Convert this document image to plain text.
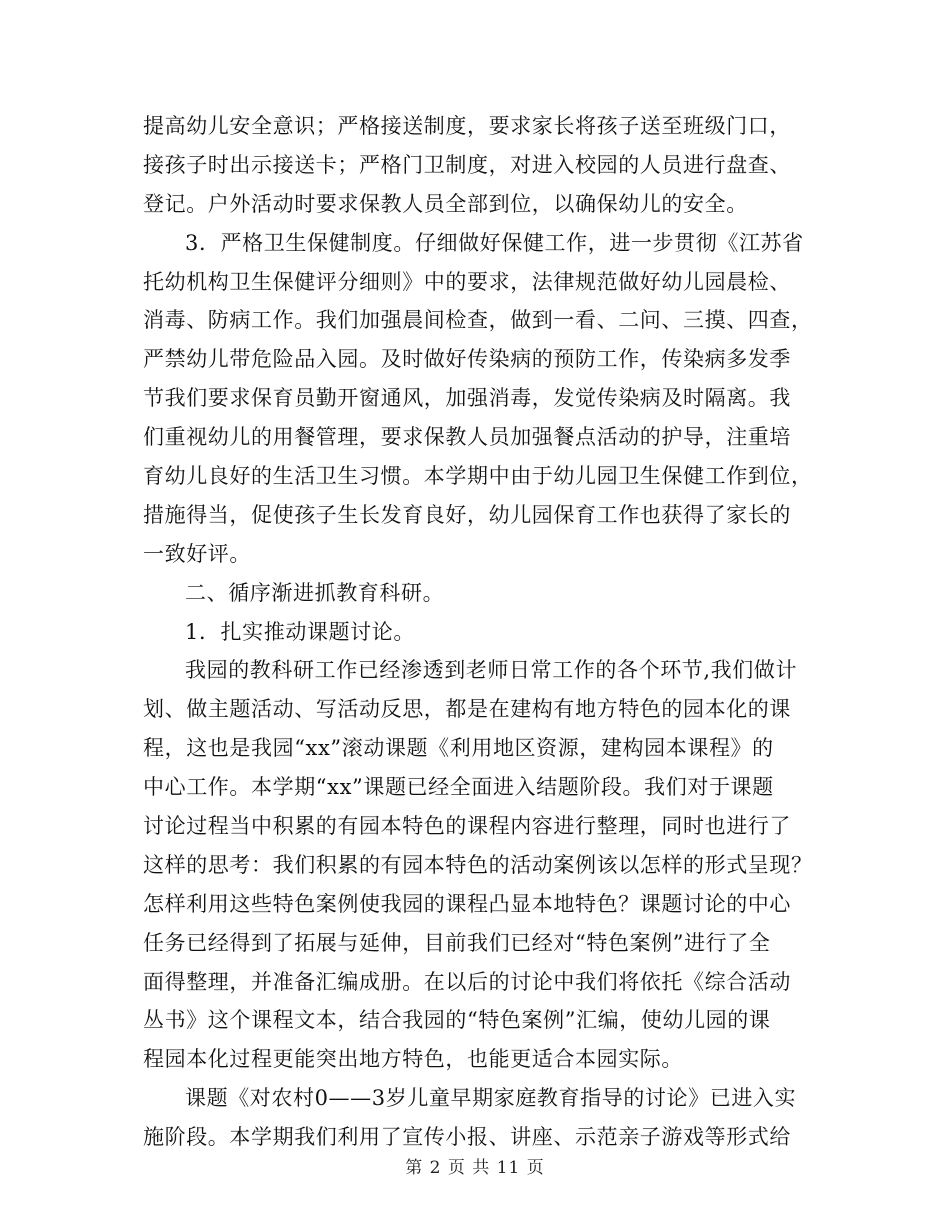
提高幼儿安全意识；严格接送制度，要求家长将孩子送至班级门口，
接孩子时出示接送卡；严格门卫制度，对进入校园的人员进行盘查、
登记。户外活动时要求保教人员全部到位，以确保幼儿的安全。
3．严格卫生保健制度。仔细做好保健工作，进一步贯彻《江苏省
托幼机构卫生保健评分细则》中的要求，法律规范做好幼儿园晨检、
消毒、防病工作。我们加强晨间检查，做到一看、二问、三摸、四查，
严禁幼儿带危险品入园。及时做好传染病的预防工作，传染病多发季
节我们要求保育员勤开窗通风，加强消毒，发觉传染病及时隔离。我
们重视幼儿的用餐管理，要求保教人员加强餐点活动的护导，注重培
育幼儿良好的生活卫生习惯。本学期中由于幼儿园卫生保健工作到位，
措施得当，促使孩子生长发育良好，幼儿园保育工作也获得了家长的
一致好评。
二、循序渐进抓教育科研。
1．扎实推动课题讨论。
我园的教科研工作已经渗透到老师日常工作的各个环节,我们做计
划、做主题活动、写活动反思，都是在建构有地方特色的园本化的课
程，这也是我园“xx”滚动课题《利用地区资源，建构园本课程》的
中心工作。本学期“xx”课题已经全面进入结题阶段。我们对于课题
讨论过程当中积累的有园本特色的课程内容进行整理，同时也进行了
这样的思考：我们积累的有园本特色的活动案例该以怎样的形式呈现？
怎样利用这些特色案例使我园的课程凸显本地特色？课题讨论的中心
任务已经得到了拓展与延伸，目前我们已经对“特色案例”进行了全
面得整理，并准备汇编成册。在以后的讨论中我们将依托《综合活动
丛书》这个课程文本，结合我园的“特色案例”汇编，使幼儿园的课
程园本化过程更能突出地方特色，也能更适合本园实际。
课题《对农村0——3岁儿童早期家庭教育指导的讨论》已进入实
施阶段。本学期我们利用了宣传小报、讲座、示范亲子游戏等形式给
第 2 页 共 11 页
